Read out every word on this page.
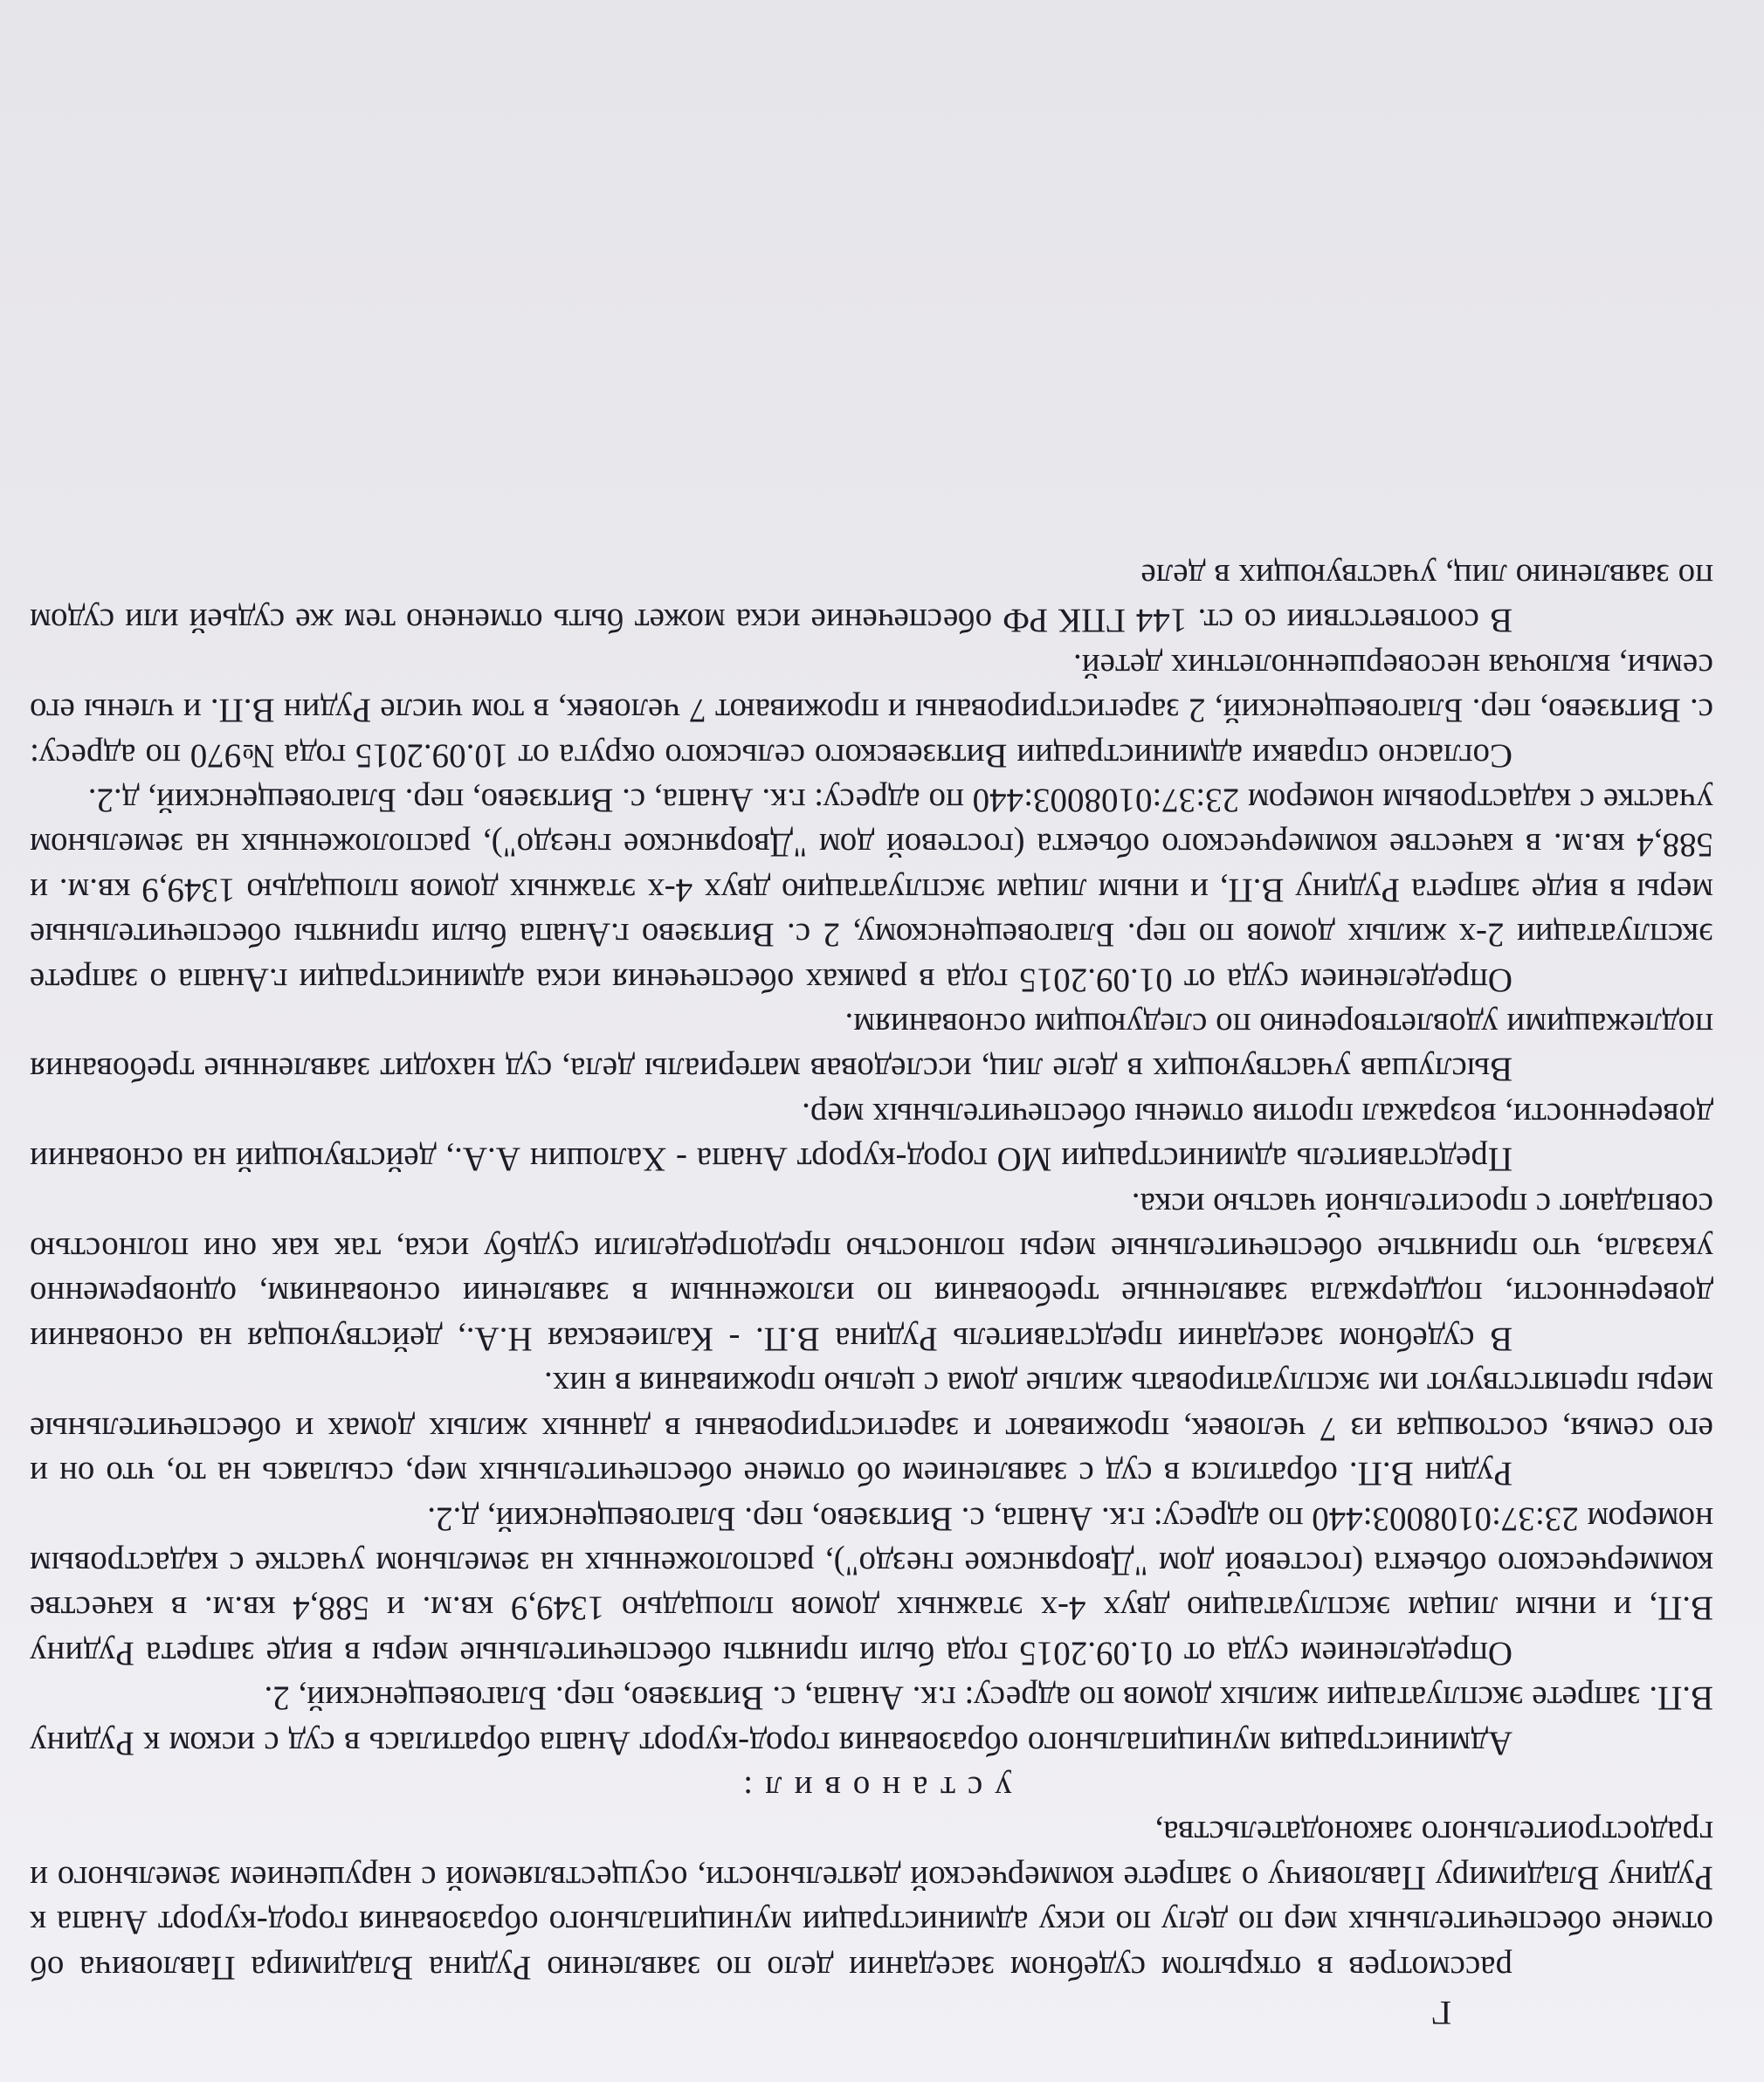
Г

рассмотрев в открытом судебном заседании дело по заявлению Рудина Владимира Павловича об отмене обеспечительных мер по делу по иску администрации муниципального образования город-курорт Анапа к Рудину Владимиру Павловичу о запрете коммерческой деятельности, осуществляемой с нарушением земельного и градостроительного законодательства,

установил:

Администрация муниципального образования город-курорт Анапа обратилась в суд с иском к Рудину В.П. запрете эксплуатации жилых домов по адресу: г.к. Анапа, с. Витязево, пер. Благовещенский, 2.

Определением суда от 01.09.2015 года были приняты обеспечительные меры в виде запрета Рудину В.П, и иным лицам эксплуатацию двух 4-х этажных домов площадью 1349,9 кв.м. и 588,4 кв.м. в качестве коммерческого объекта (гостевой дом "Дворянское гнездо"), расположенных на земельном участке с кадастровым номером 23:37:0108003:440 по адресу: г.к. Анапа, с. Витязево, пер. Благовещенский, д.2.

Рудин В.П. обратился в суд с заявлением об отмене обеспечительных мер, ссылаясь на то, что он и его семья, состоящая из 7 человек, проживают и зарегистрированы в данных жилых домах и обеспечительные меры препятствуют им эксплуатировать жилые дома с целью проживания в них.

В судебном заседании представитель Рудина В.П. - Калиевская Н.А., действующая на основании доверенности, поддержала заявленные требования по изложенным в заявлении основаниям, одновременно указала, что принятые обеспечительные меры полностью предопределили судьбу иска, так как они полностью совпадают с просительной частью иска.

Представитель администрации МО город-курорт Анапа - Халошин А.А., действующий на основании доверенности, возражал против отмены обеспечительных мер.

Выслушав участвующих в деле лиц, исследовав материалы дела, суд находит заявленные требования подлежащими удовлетворению по следующим основаниям.

Определением суда от 01.09.2015 года в рамках обеспечения иска администрации г.Анапа о запрете эксплуатации 2-х жилых домов по пер. Благовещенскому, 2 с. Витязево г.Анапа были приняты обеспечительные меры в виде запрета Рудину В.П, и иным лицам эксплуатацию двух 4-х этажных домов площадью 1349,9 кв.м. и 588,4 кв.м. в качестве коммерческого объекта (гостевой дом "Дворянское гнездо"), расположенных на земельном участке с кадастровым номером 23:37:0108003:440 по адресу: г.к. Анапа, с. Витязево, пер. Благовещенский, д.2.

Согласно справки администрации Витязевского сельского округа от 10.09.2015 года №970 по адресу: с. Витязево, пер. Благовещенский, 2 зарегистрированы и проживают 7 человек, в том числе Рудин В.П. и члены его семьи, включая несовершеннолетних детей.

В соответствии со ст. 144 ГПК РФ обеспечение иска может быть отменено тем же судьей или судом по заявлению лиц, участвующих в деле
